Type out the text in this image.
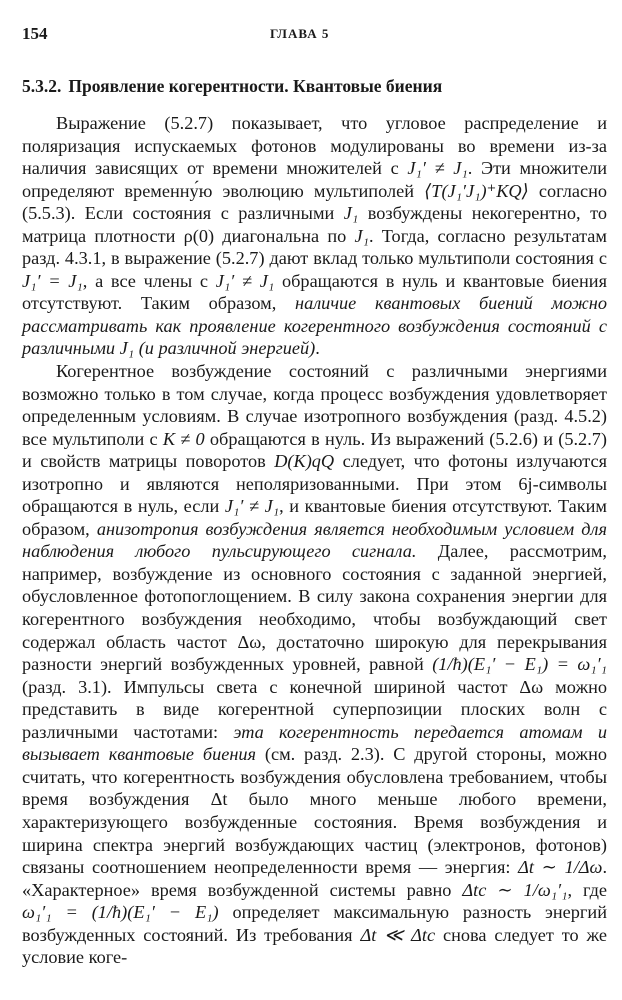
154	ГЛАВА 5
5.3.2. Проявление когерентности. Квантовые биения

Выражение (5.2.7) показывает, что угловое распределение и поляризация испускаемых фотонов модулированы во времени из-за наличия зависящих от времени множителей с J₁′ ≠ J₁. Эти множители определяют временну́ю эволюцию мультиполей ⟨T(J₁′J₁)⁺KQ⟩ согласно (5.5.3). Если состояния с различными J₁ возбуждены некогерентно, то матрица плотности ρ(0) диагональна по J₁. Тогда, согласно результатам разд. 4.3.1, в выражение (5.2.7) дают вклад только мультиполи состояния с J₁′ = J₁, а все члены с J₁′ ≠ J₁ обращаются в нуль и квантовые биения отсутствуют. Таким образом, наличие квантовых биений можно рассматривать как проявление когерентного возбуждения состояний с различными J₁ (и различной энергией).

Когерентное возбуждение состояний с различными энергиями возможно только в том случае, когда процесс возбуждения удовлетворяет определенным условиям. В случае изотропного возбуждения (разд. 4.5.2) все мультиполи с K ≠ 0 обращаются в нуль. Из выражений (5.2.6) и (5.2.7) и свойств матрицы поворотов D(K)qQ следует, что фотоны излучаются изотропно и являются неполяризованными. При этом 6j-символы обращаются в нуль, если J₁′ ≠ J₁, и квантовые биения отсутствуют. Таким образом, анизотропия возбуждения является необходимым условием для наблюдения любого пульсирующего сигнала. Далее, рассмотрим, например, возбуждение из основного состояния с заданной энергией, обусловленное фотопоглощением. В силу закона сохранения энергии для когерентного возбуждения необходимо, чтобы возбуждающий свет содержал область частот Δω, достаточно широкую для перекрывания разности энергий возбужденных уровней, равной (1/ħ)(E₁′ − E₁) = ω₁′₁ (разд. 3.1). Импульсы света с конечной шириной частот Δω можно представить в виде когерентной суперпозиции плоских волн с различными частотами: эта когерентность передается атомам и вызывает квантовые биения (см. разд. 2.3). С другой стороны, можно считать, что когерентность возбуждения обусловлена требованием, чтобы время возбуждения Δt было много меньше любого времени, характеризующего возбужденные состояния. Время возбуждения и ширина спектра энергий возбуждающих частиц (электронов, фотонов) связаны соотношением неопределенности время — энергия: Δt ∼ 1/Δω. «Характерное» время возбужденной системы равно Δtc ∼ 1/ω₁′₁, где ω₁′₁ = (1/ħ)(E₁′ − E₁) определяет максимальную разность энергий возбужденных состояний. Из требования Δt ≪ Δtc снова следует то же условие коге-
